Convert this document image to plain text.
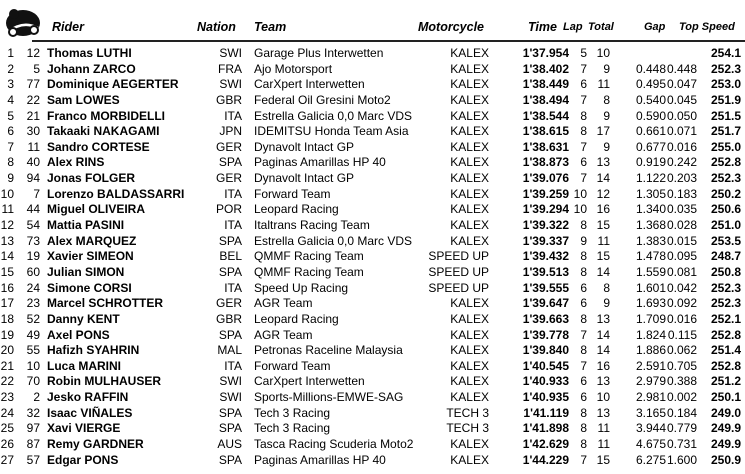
Rider	Nation Team	Motorcycle	Time Lap Total	Gap Top Speed
1	12 Thomas LUTHI	SWI Garage Plus Interwetten	KALEX	1'37.954 5 10	254.1
2	5 Johann ZARCO	FRA Ajo Motorsport	KALEX	1'38.402 7	9	0.448 0.448	252.3
3	77 Dominique AEGERTER	SWI CarXpert Interwetten	KALEX	1'38.449 6 11	0.495 0.047	253.0
4	22 Sam LOWES	GBR Federal Oil Gresini Moto2	KALEX	1'38.494 7	8	0.540 0.045	251.9
5	21 Franco MORBIDELLI	ITA Estrella Galicia 0,0 Marc VDS	KALEX	1'38.544 8	9	0.590 0.050	251.5
6	30 Takaaki NAKAGAMI	JPN IDEMITSU Honda Team Asia	KALEX	1'38.615 8 17	0.661 0.071	251.7
7	11 Sandro CORTESE	GER Dynavolt Intact GP	KALEX	1'38.631 7	9	0.677 0.016	255.0
8	40 Alex RINS	SPA Paginas Amarillas HP 40	KALEX	1'38.873 6 13	0.919 0.242	252.8
9	94 Jonas FOLGER	GER Dynavolt Intact GP	KALEX	1'39.076 7 14	1.122 0.203	252.3
10	7 Lorenzo BALDASSARRI	ITA Forward Team	KALEX	1'39.259 10 12	1.305 0.183	250.2
11	44 Miguel OLIVEIRA	POR Leopard Racing	KALEX	1'39.294 10 16	1.340 0.035	250.6
12	54 Mattia PASINI	ITA Italtrans Racing Team	KALEX	1'39.322 8 15	1.368 0.028	251.0
13	73 Alex MARQUEZ	SPA Estrella Galicia 0,0 Marc VDS	KALEX	1'39.337 9 11	1.383 0.015	253.5
14	19 Xavier SIMEON	BEL QMMF Racing Team	SPEED UP	1'39.432 8 15	1.478 0.095	248.7
15	60 Julian SIMON	SPA QMMF Racing Team	SPEED UP	1'39.513 8 14	1.559 0.081	250.8
16	24 Simone CORSI	ITA Speed Up Racing	SPEED UP	1'39.555 6	8	1.601 0.042	252.3
17	23 Marcel SCHROTTER	GER AGR Team	KALEX	1'39.647 6	9	1.693 0.092	252.3
18	52 Danny KENT	GBR Leopard Racing	KALEX	1'39.663 8 13	1.709 0.016	252.1
19	49 Axel PONS	SPA AGR Team	KALEX	1'39.778 7 14	1.824 0.115	252.8
20	55 Hafizh SYAHRIN	MAL Petronas Raceline Malaysia	KALEX	1'39.840 8 14	1.886 0.062	251.4
21	10 Luca MARINI	ITA Forward Team	KALEX	1'40.545 7 16	2.591 0.705	252.8
22	70 Robin MULHAUSER	SWI CarXpert Interwetten	KALEX	1'40.933 6 13	2.979 0.388	251.2
23	2 Jesko RAFFIN	SWI Sports-Millions-EMWE-SAG	KALEX	1'40.935 6 10	2.981 0.002	250.1
24	32 Isaac VIÑALES	SPA Tech 3 Racing	TECH 3	1'41.119 8 13	3.165 0.184	249.0
25	97 Xavi VIERGE	SPA Tech 3 Racing	TECH 3	1'41.898 8 11	3.944 0.779	249.9
26	87 Remy GARDNER	AUS Tasca Racing Scuderia Moto2	KALEX	1'42.629 8 11	4.675 0.731	249.9
27	57 Edgar PONS	SPA Paginas Amarillas HP 40	KALEX	1'44.229 7 15	6.275 1.600	250.9
